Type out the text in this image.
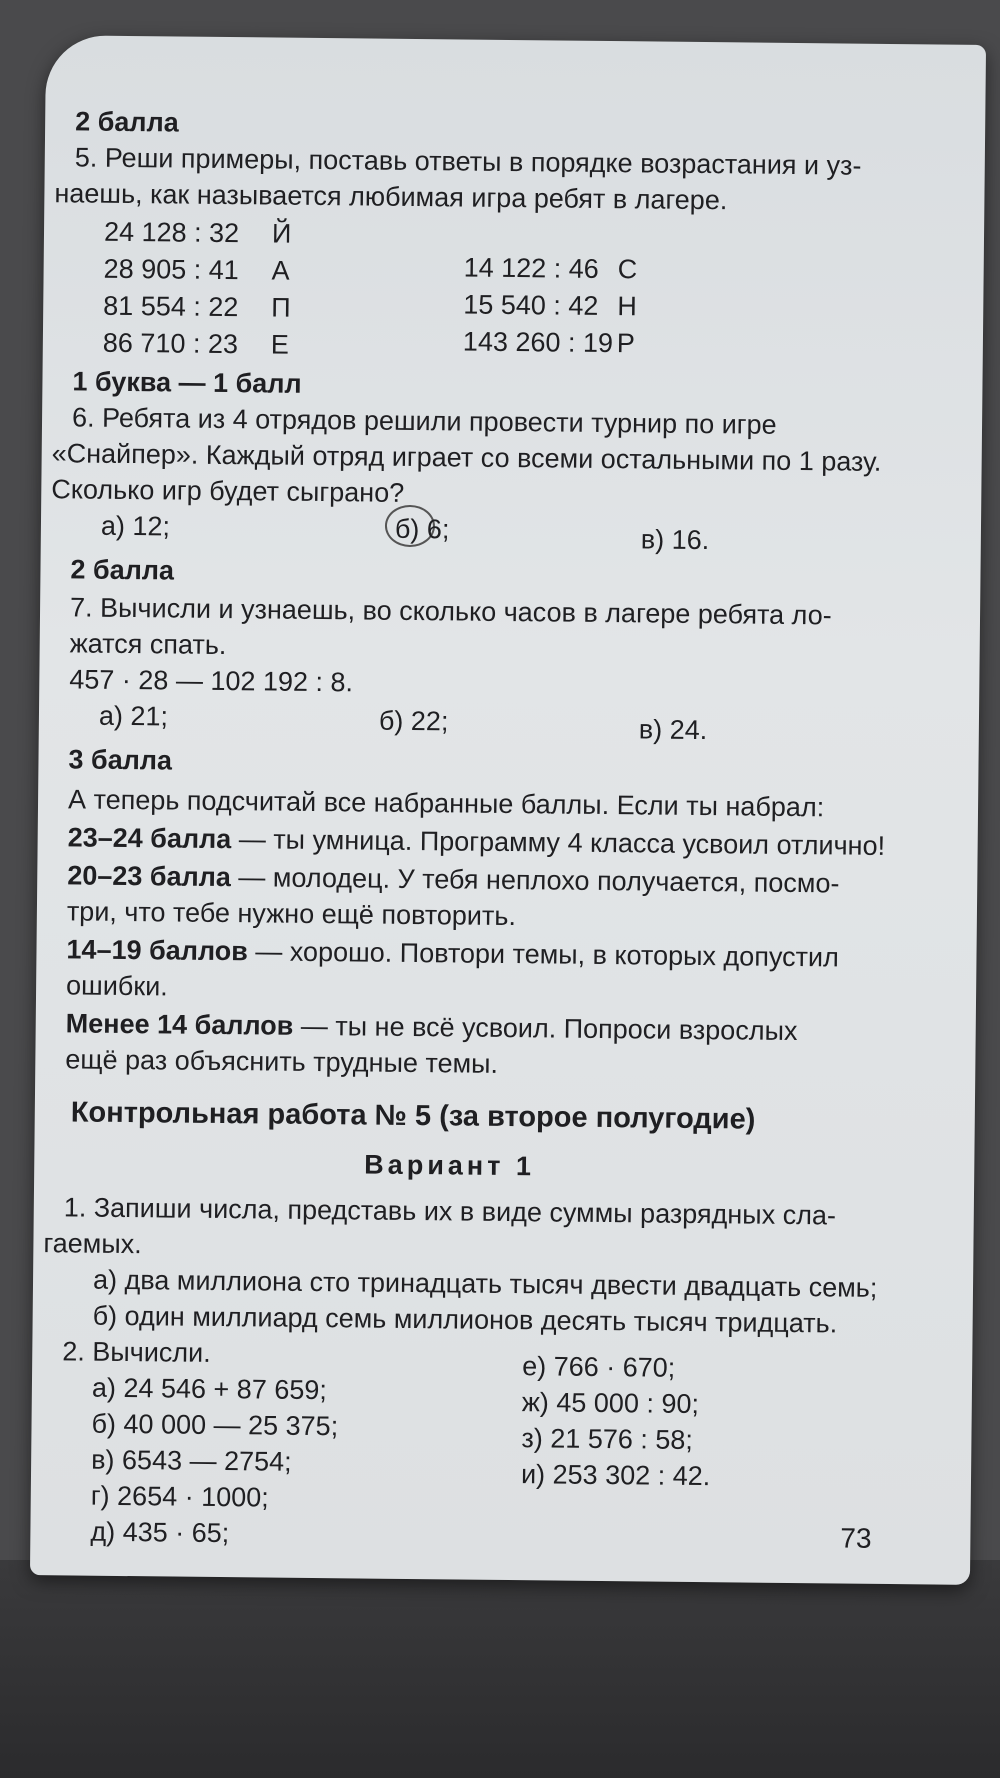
2 балла
5. Реши примеры, поставь ответы в порядке возрастания и уз-
наешь, как называется любимая игра ребят в лагере.
24 128 : 32 Й
28 905 : 41 А
81 554 : 22 П
86 710 : 23 Е
14 122 : 46 С
15 540 : 42 Н
143 260 : 19 Р
1 буква — 1 балл
6. Ребята из 4 отрядов решили провести турнир по игре
«Снайпер». Каждый отряд играет со всеми остальными по 1 разу.
Сколько игр будет сыграно?
а) 12;	б) 6;	в) 16.
2 балла
7. Вычисли и узнаешь, во сколько часов в лагере ребята ло-
жатся спать.
457 · 28 — 102 192 : 8.
а) 21;	б) 22;	в) 24.
3 балла
А теперь подсчитай все набранные баллы. Если ты набрал:
23–24 балла — ты умница. Программу 4 класса усвоил отлично!
20–23 балла — молодец. У тебя неплохо получается, посмо-
три, что тебе нужно ещё повторить.
14–19 баллов — хорошо. Повтори темы, в которых допустил
ошибки.
Менее 14 баллов — ты не всё усвоил. Попроси взрослых
ещё раз объяснить трудные темы.
Контрольная работа № 5 (за второе полугодие)
Вариант 1
1. Запиши числа, представь их в виде суммы разрядных сла-
гаемых.
а) два миллиона сто тринадцать тысяч двести двадцать семь;
б) один миллиард семь миллионов десять тысяч тридцать.
2. Вычисли.
а) 24 546 + 87 659;
б) 40 000 — 25 375;
в) 6543 — 2754;
г) 2654 · 1000;
д) 435 · 65;
е) 766 · 670;
ж) 45 000 : 90;
з) 21 576 : 58;
и) 253 302 : 42.
73
